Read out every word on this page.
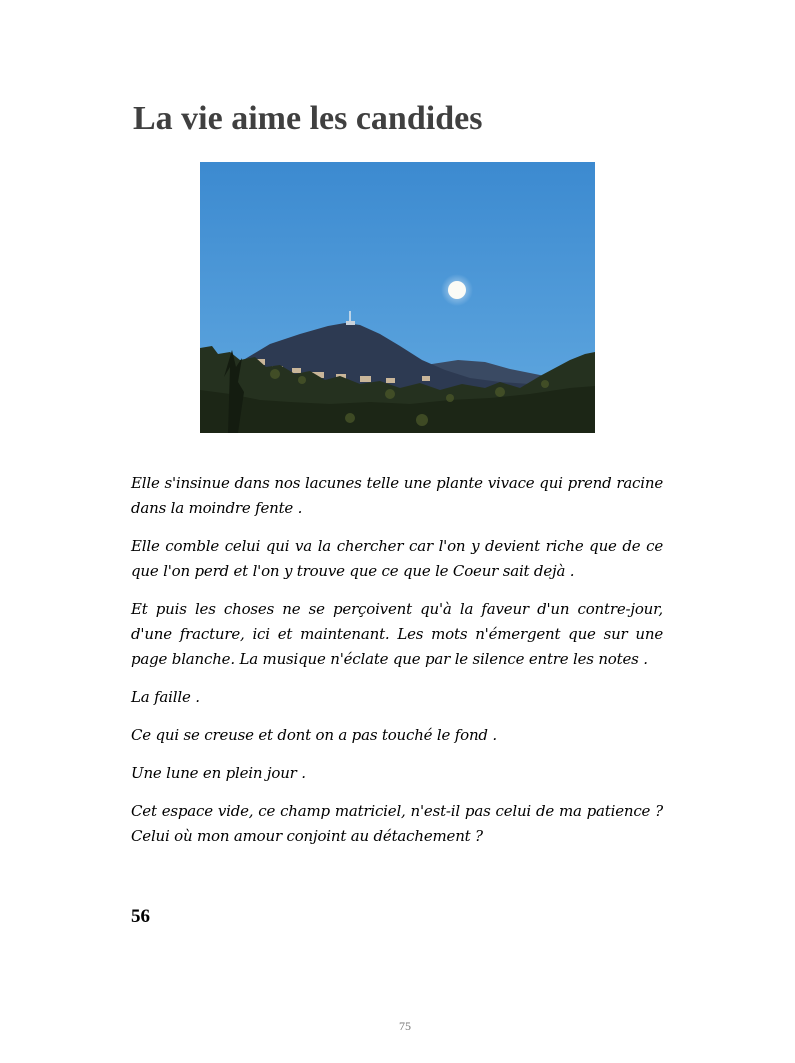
La vie aime les candides

Elle s'insinue dans nos lacunes telle une plante vivace qui prend racine dans la moindre fente .

Elle comble celui qui va la chercher car l'on y devient riche que de ce que l'on perd et l'on y trouve que ce que le Coeur sait dejà .

Et puis les choses ne se perçoivent qu'à la faveur d'un contre-jour, d'une fracture, ici et maintenant. Les mots n'émergent que sur une page blanche. La musique n'éclate que par le silence entre les notes .

La faille .

Ce qui se creuse et dont on a pas touché le fond .

Une lune en plein jour .

Cet espace vide, ce champ matriciel, n'est-il pas celui de ma patience ? Celui où mon amour conjoint au détachement ?

56

75
